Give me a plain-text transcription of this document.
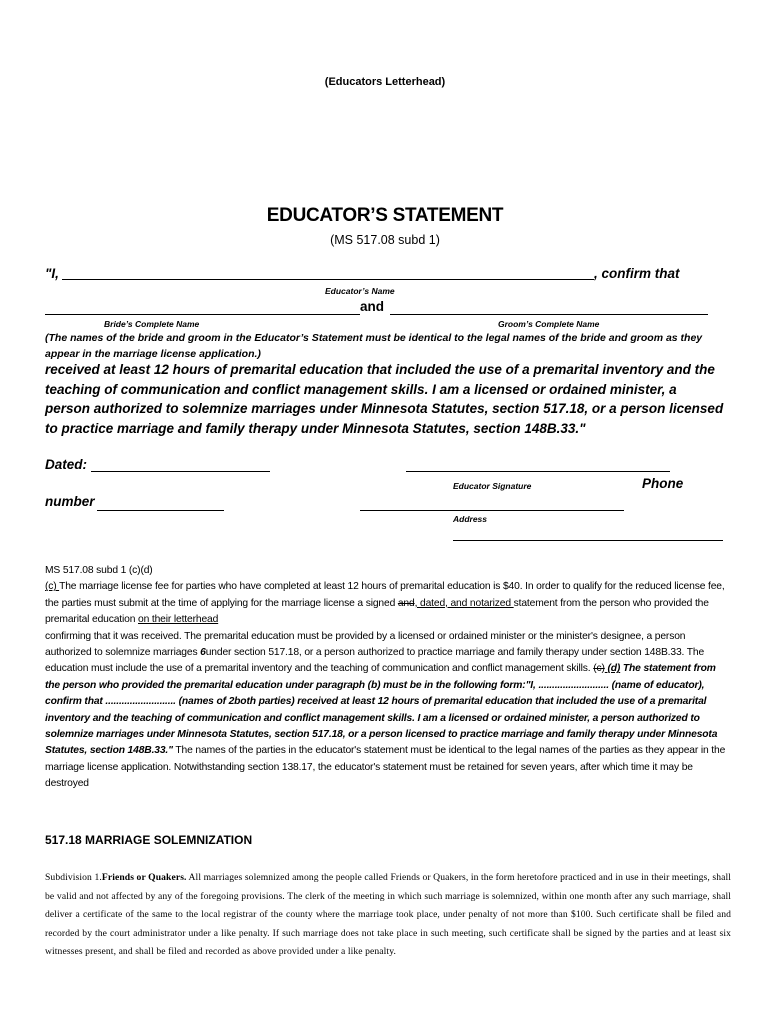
(Educators Letterhead)
EDUCATOR’S STATEMENT
(MS 517.08 subd 1)
"I,	, confirm that
Educator’s Name
and
Bride’s Complete Name	Groom’s Complete Name
(The names of the bride and groom in the Educator’s Statement must be identical to the legal names of the bride and groom as they appear in the marriage license application.)
received at least 12 hours of premarital education that included the use of a premarital inventory and the teaching of communication and conflict management skills. I am a licensed or ordained minister, a person authorized to solemnize marriages under Minnesota Statutes, section 517.18, or a person licensed to practice marriage and family therapy under Minnesota Statutes, section 148B.33."
Dated:
Educator Signature	Phone
number
Address
MS 517.08 subd 1 (c)(d)
(c) The marriage license fee for parties who have completed at least 12 hours of premarital education is $40. In order to qualify for the reduced license fee, the parties must submit at the time of applying for the marriage license a signed and, dated, and notarized statement from the person who provided the premarital education on their letterhead
confirming that it was received. The premarital education must be provided by a licensed or ordained minister or the minister's designee, a person authorized to solemnize marriages 6under section 517.18, or a person authorized to practice marriage and family therapy under section 148B.33. The education must include the use of a premarital inventory and the teaching of communication and conflict management skills. (c) (d) The statement from the person who provided the premarital education under paragraph (b) must be in the following form:"I, .......................... (name of educator), confirm that .......................... (names of 2both parties) received at least 12 hours of premarital education that included the use of a premarital inventory and the teaching of communication and conflict management skills. I am a licensed or ordained minister, a person authorized to solemnize marriages under Minnesota Statutes, section 517.18, or a person licensed to practice marriage and family therapy under Minnesota Statutes, section 148B.33." The names of the parties in the educator's statement must be identical to the legal names of the parties as they appear in the marriage license application. Notwithstanding section 138.17, the educator's statement must be retained for seven years, after which time it may be destroyed
517.18 MARRIAGE SOLEMNIZATION
Subdivision 1.Friends or Quakers. All marriages solemnized among the people called Friends or Quakers, in the form heretofore practiced and in use in their meetings, shall be valid and not affected by any of the foregoing provisions. The clerk of the meeting in which such marriage is solemnized, within one month after any such marriage, shall deliver a certificate of the same to the local registrar of the county where the marriage took place, under penalty of not more than $100. Such certificate shall be filed and recorded by the court administrator under a like penalty. If such marriage does not take place in such meeting, such certificate shall be signed by the parties and at least six witnesses present, and shall be filed and recorded as above provided under a like penalty.
